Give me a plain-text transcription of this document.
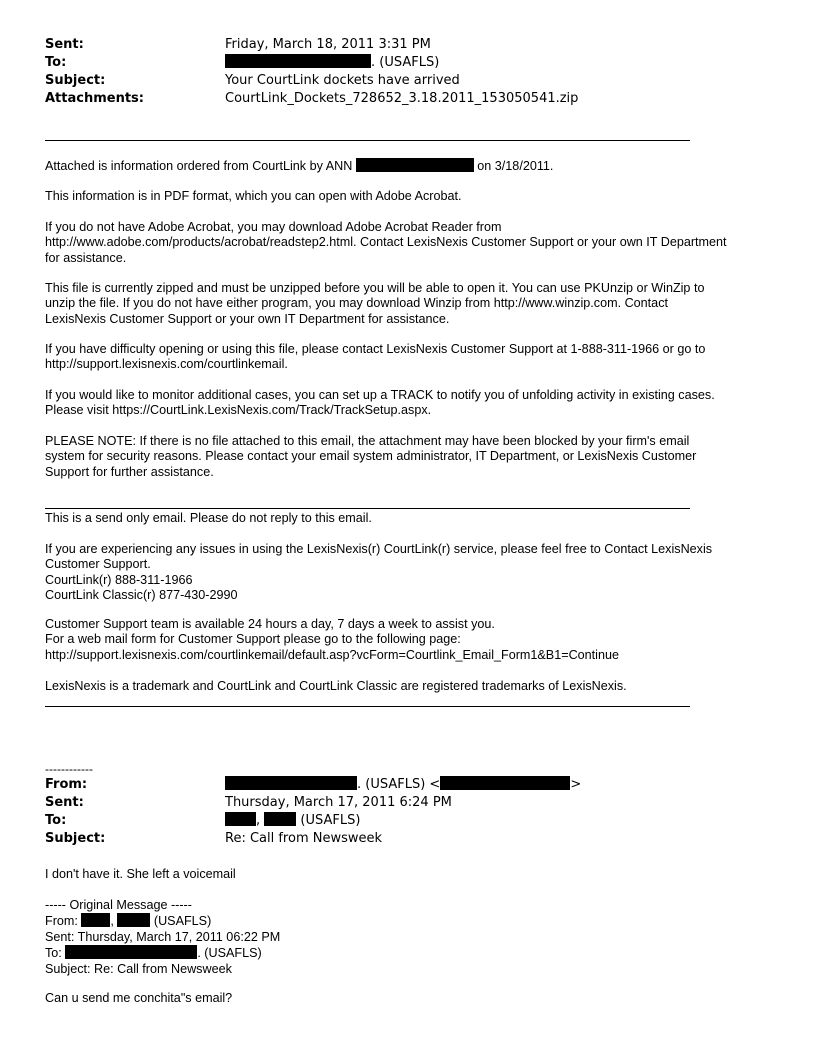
Sent:	Friday, March 18, 2011 3:31 PM
To:	. (USAFLS)
Subject:	Your CourtLink dockets have arrived
Attachments:	CourtLink_Dockets_728652_3.18.2011_153050541.zip

Attached is information ordered from CourtLink by ANN	on 3/18/2011.

This information is in PDF format, which you can open with Adobe Acrobat.

If you do not have Adobe Acrobat, you may download Adobe Acrobat Reader from
http://www.adobe.com/products/acrobat/readstep2.html. Contact LexisNexis Customer Support or your own IT Department
for assistance.

This file is currently zipped and must be unzipped before you will be able to open it. You can use PKUnzip or WinZip to
unzip the file. If you do not have either program, you may download Winzip from http://www.winzip.com. Contact
LexisNexis Customer Support or your own IT Department for assistance.

If you have difficulty opening or using this file, please contact LexisNexis Customer Support at 1-888-311-1966 or go to
http://support.lexisnexis.com/courtlinkemail.

If you would like to monitor additional cases, you can set up a TRACK to notify you of unfolding activity in existing cases.
Please visit https://CourtLink.LexisNexis.com/Track/TrackSetup.aspx.

PLEASE NOTE: If there is no file attached to this email, the attachment may have been blocked by your firm's email
system for security reasons. Please contact your email system administrator, IT Department, or LexisNexis Customer
Support for further assistance.

This is a send only email. Please do not reply to this email.

If you are experiencing any issues in using the LexisNexis(r) CourtLink(r) service, please feel free to Contact LexisNexis
Customer Support.
CourtLink(r) 888-311-1966
CourtLink Classic(r) 877-430-2990

Customer Support team is available 24 hours a day, 7 days a week to assist you.
For a web mail form for Customer Support please go to the following page:
http://support.lexisnexis.com/courtlinkemail/default.asp?vcForm=Courtlink_Email_Form1&B1=Continue

LexisNexis is a trademark and CourtLink and CourtLink Classic are registered trademarks of LexisNexis.

------------
From:	. (USAFLS) <	>
Sent:	Thursday, March 17, 2011 6:24 PM
To:	,	(USAFLS)
Subject:	Re: Call from Newsweek

I don't have it. She left a voicemail

----- Original Message -----
From:	,	(USAFLS)
Sent: Thursday, March 17, 2011 06:22 PM
To:	. (USAFLS)
Subject: Re: Call from Newsweek

Can u send me conchita"s email?
